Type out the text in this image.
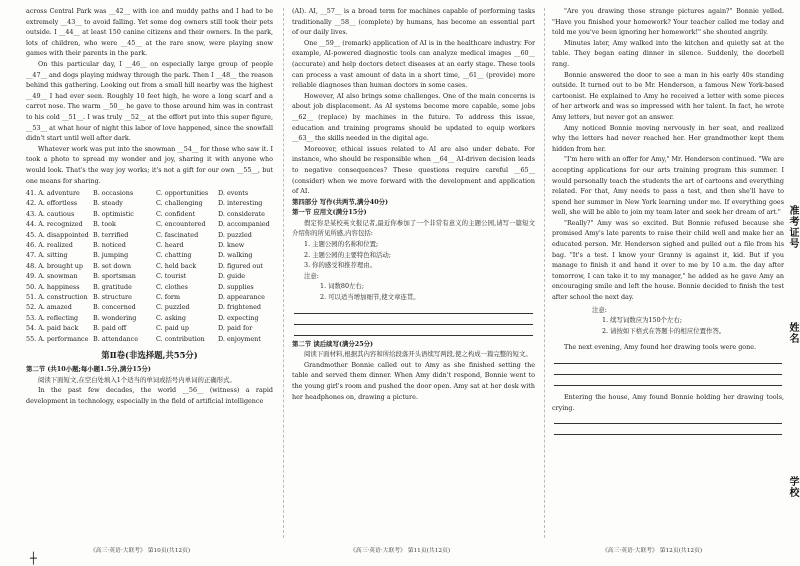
across Central Park was __42__ with ice and muddy paths and I had to be extremely __43__ to avoid falling. Yet some dog owners still took their pets outside. I __44__ at least 150 canine citizens and their owners. In the park, lots of children, who were __45__ at the rare snow, were playing snow games with their parents in the park.

On this particular day, I __46__ on especially large group of people __47__ and dogs playing midway through the park. Then I __48__ the reason behind this gathering. Looking out from a small hill nearby was the highest __49__ I had ever seen. Roughly 10 feet high, he wore a long scarf and a carrot nose. The warm __50__ he gave to those around him was in contrast to his cold __51__. I was truly __52__ at the effort put into this super figure, __53__ at what hour of night this labor of love happened, since the snowfall didn't start until well after dark.

Whatever work was put into the snowman __54__ for those who saw it. I took a photo to spread my wonder and joy, sharing it with anyone who would look. That's the way joy works; it's not a gift for our own __55__, but one means for sharing.

41. A. adventure	B. occasions	C. opportunities	D. events
42. A. effortless	B. steady	C. challenging	D. interesting
43. A. cautious	B. optimistic	C. confident	D. considerate
44. A. recognized	B. took	C. encountered	D. accompanied
45. A. disappointed B. terrified	C. fascinated	D. puzzled
46. A. realized	B. noticed	C. heard	D. knew
47. A. sitting	B. jumping	C. chatting	D. walking
48. A. brought up	B. set down	C. held back	D. figured out
49. A. snowman	B. sportsman	C. tourist	D. guide
50. A. happiness	B. gratitude	C. clothes	D. supplies
51. A. construction B. structure	C. form	D. appearance
52. A. amazed	B. concerned	C. puzzled	D. frightened
53. A. reflecting	B. wondering	C. asking	D. expecting
54. A. paid back	B. paid off	C. paid up	D. paid for
55. A. performance B. attendance	C. contribution	D. enjoyment
第Ⅱ卷(非选择题,共55分)

第二节 (共10小题;每小题1.5分,满分15分)

阅读下面短文,在空白处填入1个适当的单词或括号内单词的正确形式。

In the past few decades, the world __56__ (witness) a rapid development in technology, especially in the field of artificial intelligence

(AI). AI, __57__ is a broad term for machines capable of performing tasks traditionally __58__ (complete) by humans, has become an essential part of our daily lives.

One __59__ (remark) application of AI is in the healthcare industry. For example, AI-powered diagnostic tools can analyze medical images __60__ (accurate) and help doctors detect diseases at an early stage. These tools can process a vast amount of data in a short time, __61__ (provide) more reliable diagnoses than human doctors in some cases.

However, AI also brings some challenges. One of the main concerns is about job displacement. As AI systems become more capable, some jobs __62__ (replace) by machines in the future. To address this issue, education and training programs should be updated to equip workers __63__ the skills needed in the digital age.

Moreover, ethical issues related to AI are also under debate. For instance, who should be responsible when __64__ AI-driven decision leads to negative consequences? These questions require careful __65__ (consider) when we move forward with the development and application of AI.

第四部分 写作(共两节,满分40分)

第一节 应用文(满分15分)

假定你是某校英文报记者,最近你参加了一个非常有意义的主题公园,请写一篇短文介绍你的所见所感,内容包括:

1. 主题公园的名称和位置;

2. 主题公园的主要特色和活动;

3. 你的感受和推荐理由。

注意:

1. 词数80左右;

2. 可以适当增加细节,使文章连贯。

第二节 读后续写(满分25分)

阅读下面材料,根据其内容和所给段落开头语续写两段,使之构成一篇完整的短文。

Grandmother Bonnie called out to Amy as she finished setting the table and served them dinner. When Amy didn't respond, Bonnie went to the young girl's room and pushed the door open. Amy sat at her desk with her headphones on, drawing a picture.

"Are you drawing those strange pictures again?" Bonnie yelled. "Have you finished your homework? Your teacher called me today and told me you've been ignoring her homework!" she shouted angrily.

Minutes later, Amy walked into the kitchen and quietly sat at the table. They began eating dinner in silence. Suddenly, the doorbell rang.

Bonnie answered the door to see a man in his early 40s standing outside. It turned out to be Mr. Henderson, a famous New York-based cartoonist. He explained to Amy he received a letter with some pieces of her artwork and was so impressed with her talent. In fact, he wrote Amy letters, but never got an answer.

Amy noticed Bonnie moving nervously in her seat, and realized why the letters had never reached her. Her grandmother kept them hidden from her.

"I'm here with an offer for Amy," Mr. Henderson continued. "We are accepting applications for our arts training program this summer. I would personally teach the students the art of cartoons and everything related. For that, Amy needs to pass a test, and then she'll have to spend her summer in New York learning under me. If everything goes well, she will be able to join my team later and seek her dream of art."

"Really?" Amy was so excited. But Bonnie refused because she promised Amy's late parents to raise their child well and make her an educated person. Mr. Henderson sighed and pulled out a file from his bag. "It's a test. I know your Granny is against it, kid. But if you manage to finish it and hand it over to me by 10 a.m. the day after tomorrow, I can take it to my manager," he added as he gave Amy an encouraging smile and left the house. Bonnie decided to finish the test after school the next day.

注意:

1. 续写词数应为150个左右;

2. 请按如下格式在答题卡的相应位置作答。

The next evening, Amy found her drawing tools were gone.

Entering the house, Amy found Bonnie holding her drawing tools, crying.

准考证号
姓名
学校
┼
《高三·英语·大联考》 第10页(共12页)	《高三·英语·大联考》 第11页(共12页)	《高三·英语·大联考》 第12页(共12页)
